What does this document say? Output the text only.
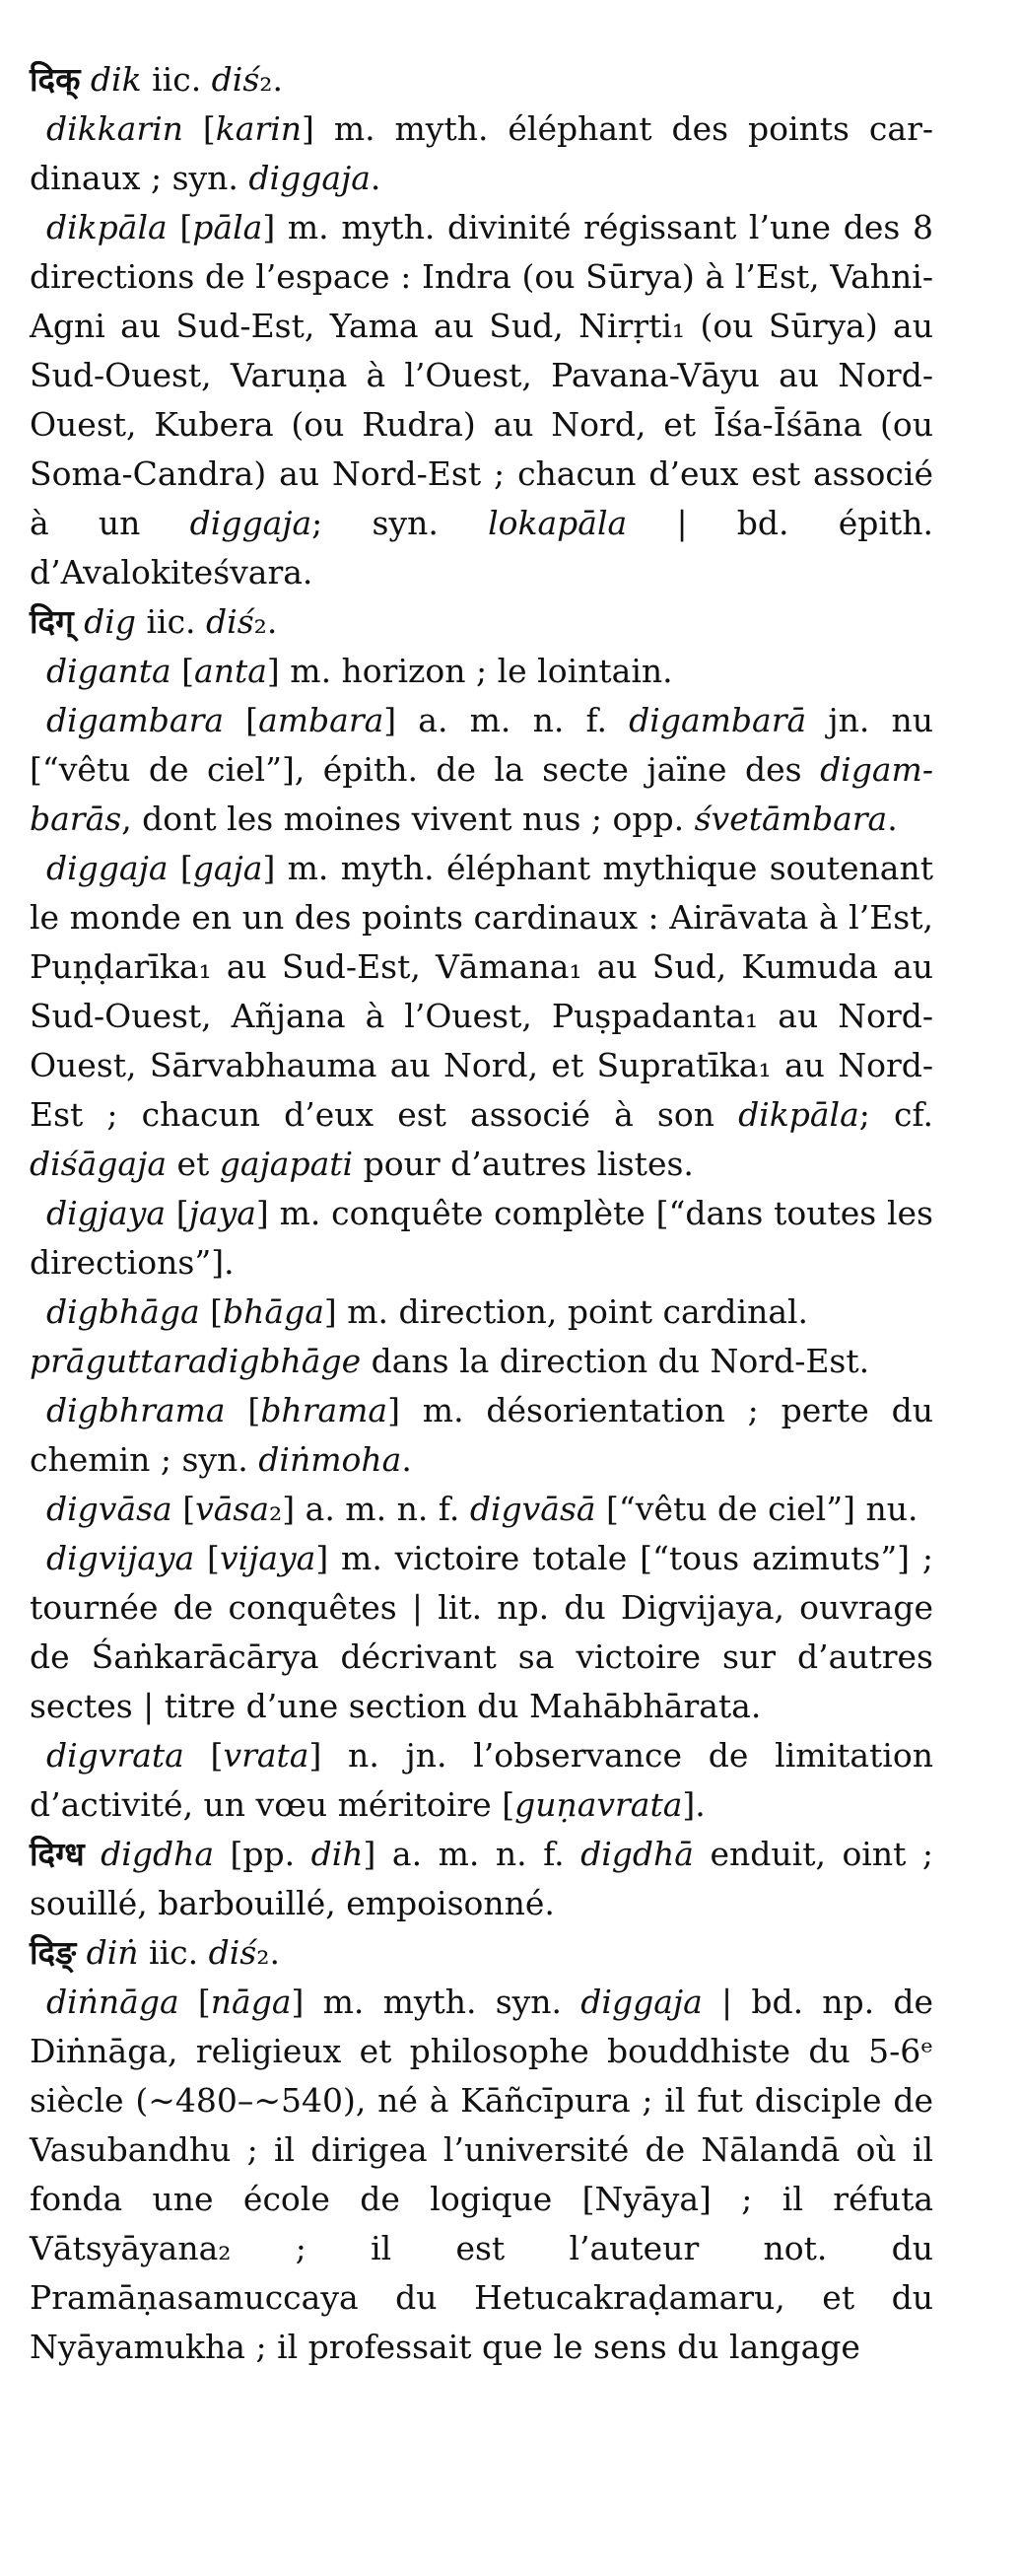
दिक् dik iic. diś₂.

dikkarin [karin] m. myth. éléphant des points cardinaux ; syn. diggaja.

dikpāla [pāla] m. myth. divinité régissant l’une des 8 directions de l’espace : Indra (ou Sūrya) à l’Est, Vahni-Agni au Sud-Est, Yama au Sud, Nirṛti₁ (ou Sūrya) au Sud-Ouest, Varuṇa à l’Ouest, Pavana-Vāyu au Nord-Ouest, Kubera (ou Rudra) au Nord, et Īśa-Īśāna (ou Soma-Candra) au Nord-Est ; chacun d’eux est associé à un diggaja; syn. lokapāla | bd. épith. d’Avalokiteśvara.

दिग् dig iic. diś₂.

diganta [anta] m. horizon ; le lointain.

digambara [ambara] a. m. n. f. digambarā jn. nu [“vêtu de ciel”], épith. de la secte jaïne des digambarās, dont les moines vivent nus ; opp. śvetāmbara.

diggaja [gaja] m. myth. éléphant mythique soutenant le monde en un des points cardinaux : Airāvata à l’Est, Puṇḍarīka₁ au Sud-Est, Vāmana₁ au Sud, Kumuda au Sud-Ouest, Añjana à l’Ouest, Puṣpadanta₁ au Nord-Ouest, Sārvabhauma au Nord, et Supratīka₁ au Nord-Est ; chacun d’eux est associé à son dikpāla; cf. diśāgaja et gajapati pour d’autres listes.

digjaya [jaya] m. conquête complète [“dans toutes les directions”].

digbhāga [bhāga] m. direction, point cardinal.

prāguttaradigbhāge dans la direction du Nord-Est.

digbhrama [bhrama] m. désorientation ; perte du chemin ; syn. diṅmoha.

digvāsa [vāsa₂] a. m. n. f. digvāsā [“vêtu de ciel”] nu.

digvijaya [vijaya] m. victoire totale [“tous azimuts”] ; tournée de conquêtes | lit. np. du Digvijaya, ouvrage de Śaṅkarācārya décrivant sa victoire sur d’autres sectes | titre d’une section du Mahābhārata.

digvrata [vrata] n. jn. l’observance de limitation d’activité, un vœu méritoire [guṇavrata].

दिग्ध digdha [pp. dih] a. m. n. f. digdhā enduit, oint ; souillé, barbouillé, empoisonné.

दिङ् diṅ iic. diś₂.

diṅnāga [nāga] m. myth. syn. diggaja | bd. np. de Diṅnāga, religieux et philosophe bouddhiste du 5-6ᵉ siècle (∼480–∼540), né à Kāñcīpura ; il fut disciple de Vasubandhu ; il dirigea l’université de Nālandā où il fonda une école de logique [Nyāya] ; il réfuta Vātsyāyana₂ ; il est l’auteur not. du Pramāṇasamuccaya du Hetucakraḍamaru, et du Nyāyamukha ; il professait que le sens du langage
